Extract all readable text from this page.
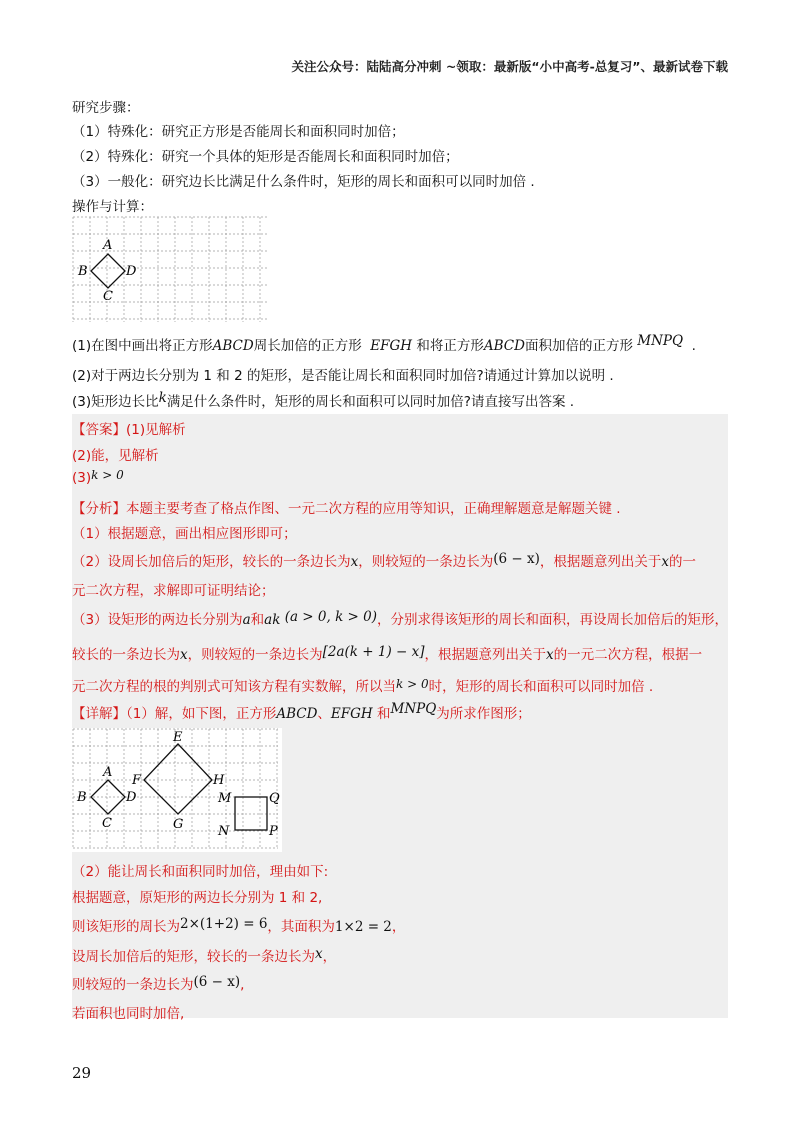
关注公众号：陆陆高分冲刺 ~领取：最新版“小中高考-总复习”、最新试卷下载
研究步骤：
（1）特殊化：研究正方形是否能周长和面积同时加倍；
（2）特殊化：研究一个具体的矩形是否能周长和面积同时加倍；
（3）一般化：研究边长比满足什么条件时，矩形的周长和面积可以同时加倍 .
操作与计算：
A
B
C
D
(1)在图中画出将正方形ABCD周长加倍的正方形 EFGH 和将正方形ABCD面积加倍的正方形 MNPQ .
(2)对于两边长分别为 1 和 2 的矩形，是否能让周长和面积同时加倍?请通过计算加以说明 .
(3)矩形边长比k满足什么条件时，矩形的周长和面积可以同时加倍?请直接写出答案 .
【答案】(1)见解析
(2)能，见解析
(3)k > 0
【分析】本题主要考查了格点作图、一元二次方程的应用等知识，正确理解题意是解题关键 .
（1）根据题意，画出相应图形即可；
（2）设周长加倍后的矩形，较长的一条边长为x，则较短的一条边长为(6 − x)，根据题意列出关于x的一
元二次方程，求解即可证明结论；
（3）设矩形的两边长分别为a和ak (a > 0, k > 0)，分别求得该矩形的周长和面积，再设周长加倍后的矩形，
较长的一条边长为x，则较短的一条边长为[2a(k + 1) − x]，根据题意列出关于x的一元二次方程，根据一
元二次方程的根的判别式可知该方程有实数解，所以当k > 0时，矩形的周长和面积可以同时加倍 .
【详解】（1）解，如下图，正方形ABCD、EFGH 和MNPQ为所求作图形；
A
B
C
D
E
F
G
H
M
N	P
Q
（2）能让周长和面积同时加倍，理由如下:
根据题意，原矩形的两边长分别为 1 和 2,
则该矩形的周长为2×(1+2) = 6，其面积为1×2 = 2，
设周长加倍后的矩形，较长的一条边长为x，
则较短的一条边长为(6 − x),
若面积也同时加倍,
29
